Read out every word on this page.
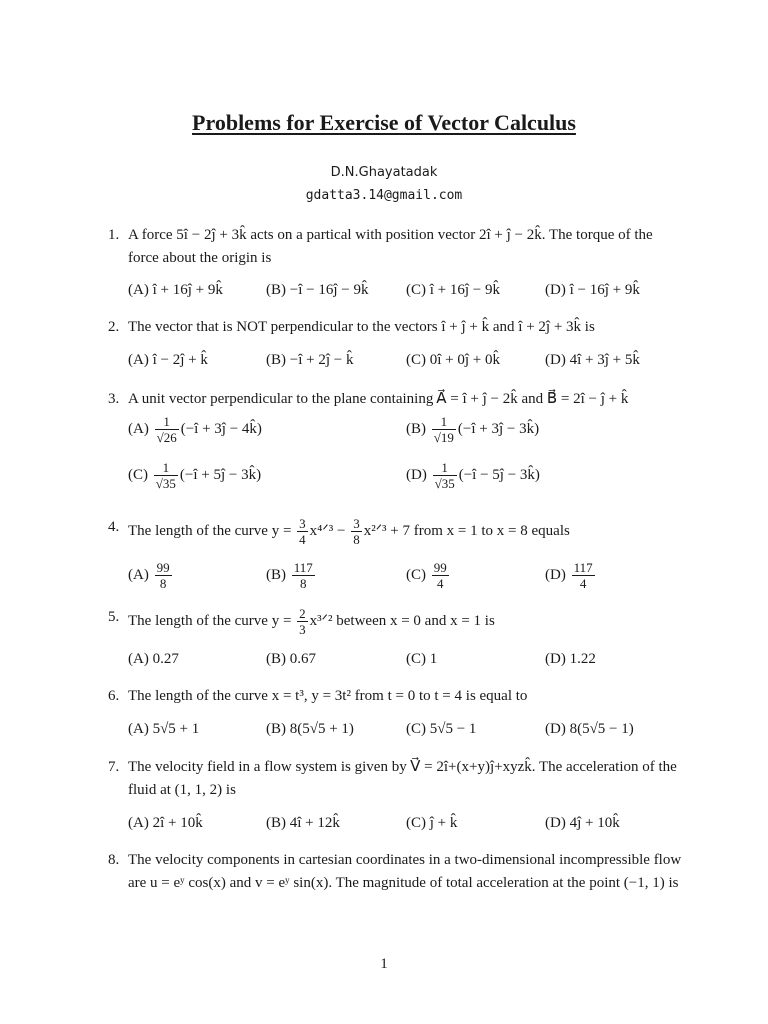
Problems for Exercise of Vector Calculus
D.N.Ghayatadak
gdatta3.14@gmail.com
1. A force 5î − 2ĵ + 3k̂ acts on a partical with position vector 2î + ĵ − 2k̂. The torque of the force about the origin is
(A) î + 16ĵ + 9k̂	(B) −î − 16ĵ − 9k̂	(C) î + 16ĵ − 9k̂	(D) î − 16ĵ + 9k̂
2. The vector that is NOT perpendicular to the vectors î + ĵ + k̂ and î + 2ĵ + 3k̂ is
(A) î − 2ĵ + k̂	(B) −î + 2ĵ − k̂	(C) 0î + 0ĵ + 0k̂	(D) 4î + 3ĵ + 5k̂
3. A unit vector perpendicular to the plane containing A⃗ = î + ĵ − 2k̂ and B⃗ = 2î − ĵ + k̂
$(A) \frac{1}{√26}$ (−î + 3ĵ − 4k̂)	$(B) \frac{1}{√19}$ (−î + 3ĵ − 3k̂)
$(C) \frac{1}{√35}$ (−î + 5ĵ − 3k̂)	$(D) \frac{1}{√35}$ (−î − 5ĵ − 3k̂)
4. The length of the curve $y = \frac{3}{4}$ x⁴ᐟ³ − $\frac{3}{8}$ x²ᐟ³ + 7 from x = 1 to x = 8 equals
$(A) \frac{99}{8}$	$(B) \frac{117}{8}$	$(C) \frac{99}{4}$	$(D) \frac{117}{4}$
5. The length of the curve $y = \frac{2}{3}$ x³ᐟ² between x = 0 and x = 1 is
(A) 0.27	(B) 0.67	(C) 1	(D) 1.22
6. The length of the curve x = t³, y = 3t² from t = 0 to t = 4 is equal to
(A) 5√5 + 1	(B) 8(5√5 + 1)	(C) 5√5 − 1	(D) 8(5√5 − 1)
7. The velocity field in a flow system is given by V⃗ = 2î+(x+y)ĵ+xyzk̂. The acceleration of the fluid at (1, 1, 2) is
(A) 2î + 10k̂	(B) 4î + 12k̂	(C) ĵ + k̂	(D) 4ĵ + 10k̂
8. The velocity components in cartesian coordinates in a two-dimensional incompressible flow are u = eʸ cos(x) and v = eʸ sin(x). The magnitude of total acceleration at the point (−1, 1) is
1
